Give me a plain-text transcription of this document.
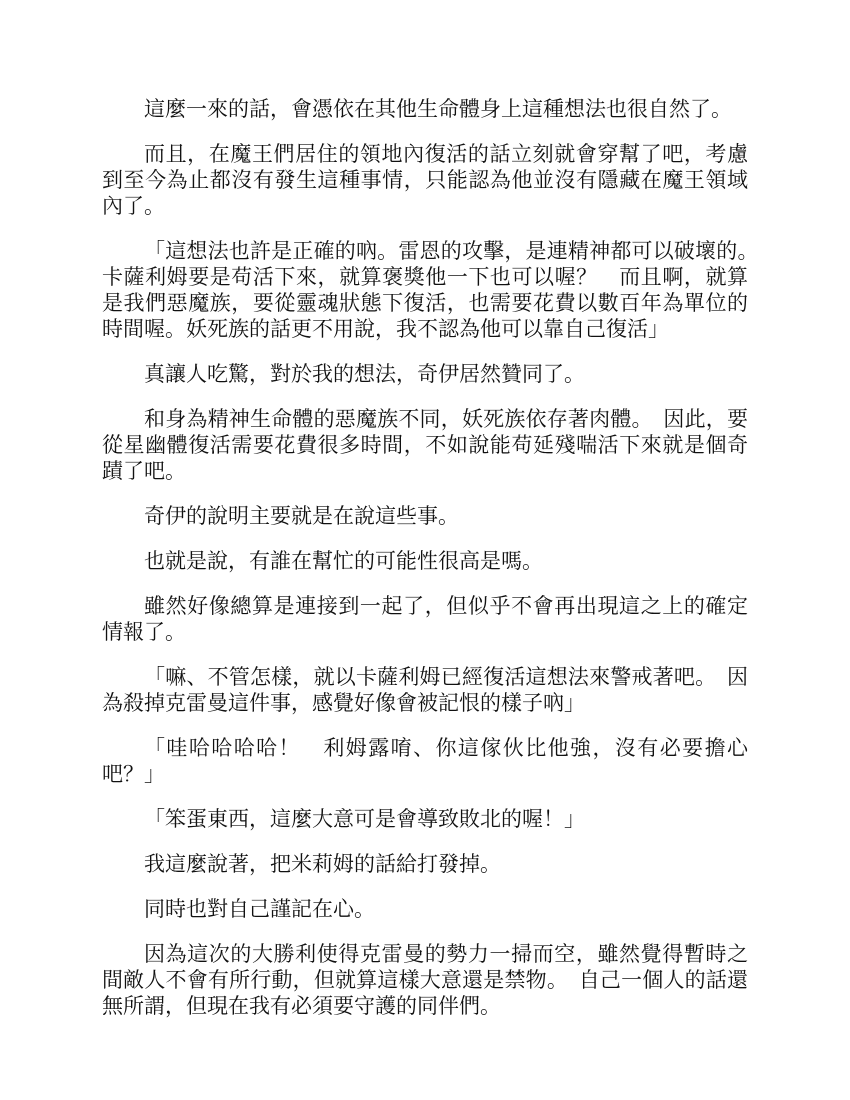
這麼一來的話，會憑依在其他生命體身上這種想法也很自然了。

而且，在魔王們居住的領地內復活的話立刻就會穿幫了吧，考慮到至今為止都沒有發生這種事情，只能認為他並沒有隱藏在魔王領域內了。

「這想法也許是正確的吶。雷恩的攻擊，是連精神都可以破壞的。　卡薩利姆要是苟活下來，就算褒獎他一下也可以喔？　而且啊，就算是我們惡魔族，要從靈魂狀態下復活，也需要花費以數百年為單位的時間喔。妖死族的話更不用說，我不認為他可以靠自己復活」

真讓人吃驚，對於我的想法，奇伊居然贊同了。

和身為精神生命體的惡魔族不同，妖死族依存著肉體。　因此，要從星幽體復活需要花費很多時間，不如說能苟延殘喘活下來就是個奇蹟了吧。

奇伊的說明主要就是在說這些事。

也就是說，有誰在幫忙的可能性很高是嗎。

雖然好像總算是連接到一起了，但似乎不會再出現這之上的確定情報了。

「嘛、不管怎樣，就以卡薩利姆已經復活這想法來警戒著吧。　因為殺掉克雷曼這件事，感覺好像會被記恨的樣子吶」

「哇哈哈哈哈！　利姆露唷、你這傢伙比他強，沒有必要擔心吧？」

「笨蛋東西，這麼大意可是會導致敗北的喔！」

我這麼說著，把米莉姆的話給打發掉。

同時也對自己謹記在心。

因為這次的大勝利使得克雷曼的勢力一掃而空，雖然覺得暫時之間敵人不會有所行動，但就算這樣大意還是禁物。　自己一個人的話還無所謂，但現在我有必須要守護的同伴們。
